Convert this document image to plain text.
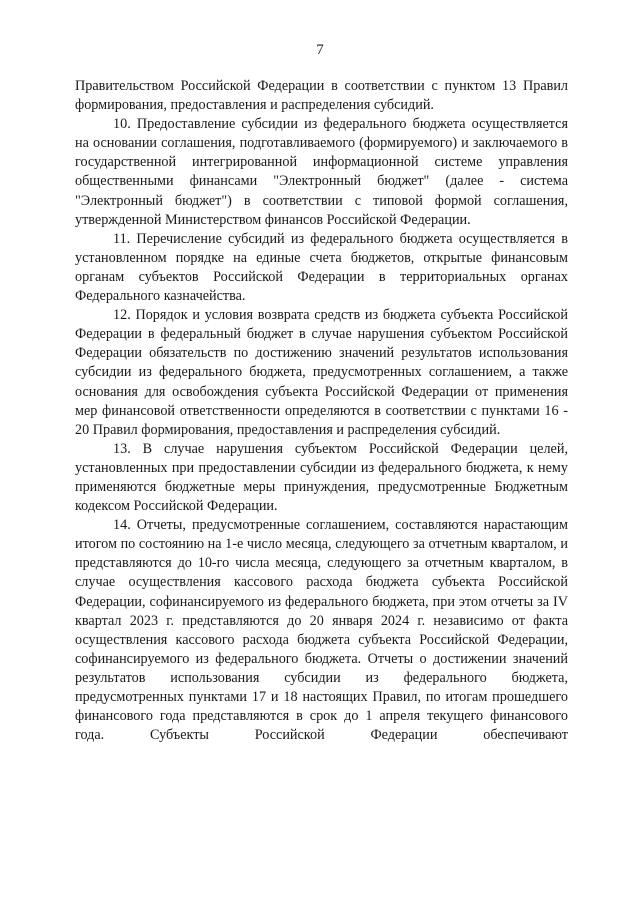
7

Правительством Российской Федерации в соответствии с пунктом 13 Правил формирования, предоставления и распределения субсидий.

10. Предоставление субсидии из федерального бюджета осуществляется на основании соглашения, подготавливаемого (формируемого) и заключаемого в государственной интегрированной информационной системе управления общественными финансами "Электронный бюджет" (далее - система "Электронный бюджет") в соответствии с типовой формой соглашения, утвержденной Министерством финансов Российской Федерации.

11. Перечисление субсидий из федерального бюджета осуществляется в установленном порядке на единые счета бюджетов, открытые финансовым органам субъектов Российской Федерации в территориальных органах Федерального казначейства.

12. Порядок и условия возврата средств из бюджета субъекта Российской Федерации в федеральный бюджет в случае нарушения субъектом Российской Федерации обязательств по достижению значений результатов использования субсидии из федерального бюджета, предусмотренных соглашением, а также основания для освобождения субъекта Российской Федерации от применения мер финансовой ответственности определяются в соответствии с пунктами 16 - 20 Правил формирования, предоставления и распределения субсидий.

13. В случае нарушения субъектом Российской Федерации целей, установленных при предоставлении субсидии из федерального бюджета, к нему применяются бюджетные меры принуждения, предусмотренные Бюджетным кодексом Российской Федерации.

14. Отчеты, предусмотренные соглашением, составляются нарастающим итогом по состоянию на 1-е число месяца, следующего за отчетным кварталом, и представляются до 10-го числа месяца, следующего за отчетным кварталом, в случае осуществления кассового расхода бюджета субъекта Российской Федерации, софинансируемого из федерального бюджета, при этом отчеты за IV квартал 2023 г. представляются до 20 января 2024 г. независимо от факта осуществления кассового расхода бюджета субъекта Российской Федерации, софинансируемого из федерального бюджета. Отчеты о достижении значений результатов использования субсидии из федерального бюджета, предусмотренных пунктами 17 и 18 настоящих Правил, по итогам прошедшего финансового года представляются в срок до 1 апреля текущего финансового года. Субъекты Российской Федерации обеспечивают
